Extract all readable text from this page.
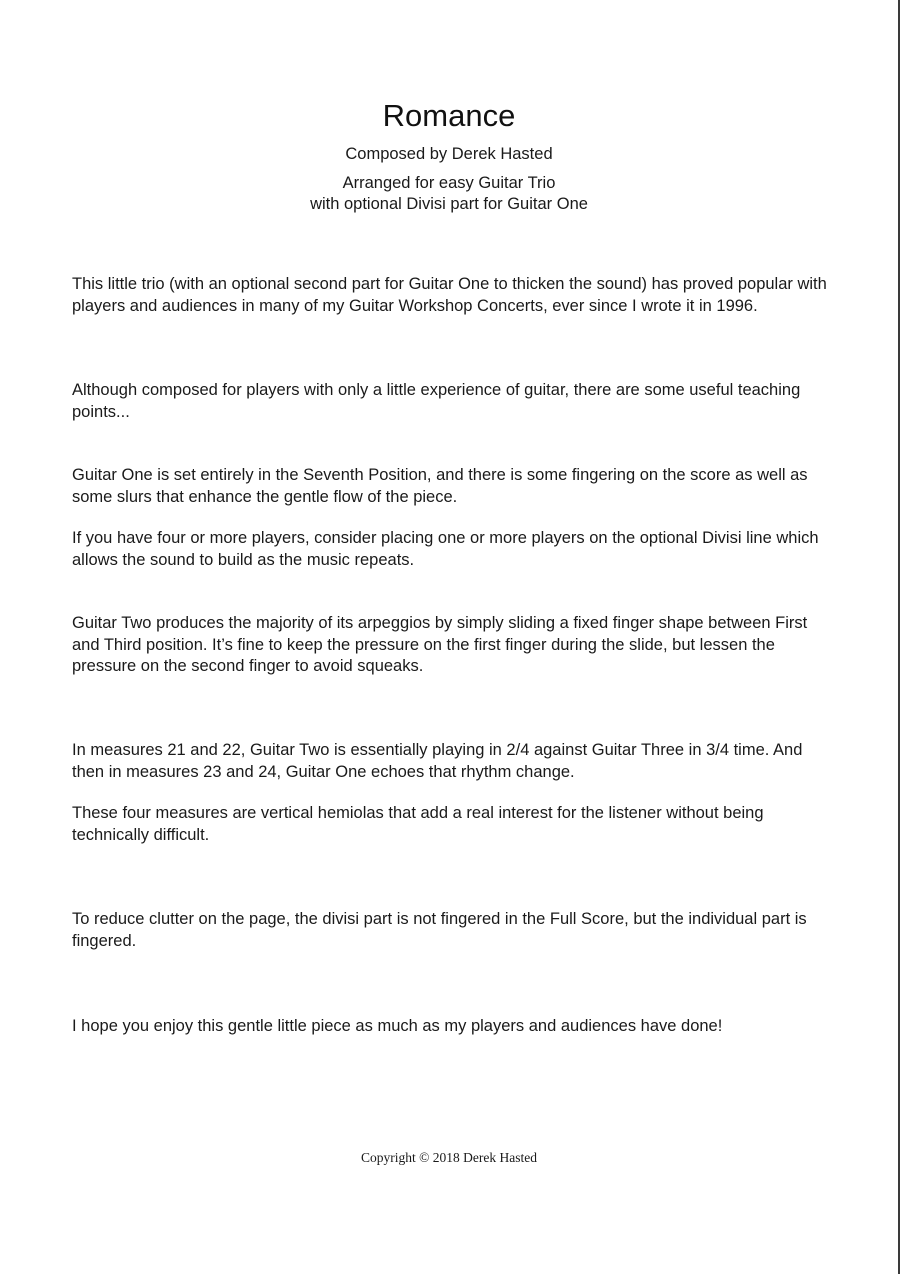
Romance
Composed by Derek Hasted
Arranged for easy Guitar Trio
with optional Divisi part for Guitar One
This little trio (with an optional second part for Guitar One to thicken the sound) has proved popular with players and audiences in many of my Guitar Workshop Concerts, ever since I wrote it in 1996.
Although composed for players with only a little experience of guitar, there are some useful teaching points...
Guitar One is set entirely in the Seventh Position, and there is some fingering on the score as well as some slurs that enhance the gentle flow of the piece.
If you have four or more players, consider placing one or more players on the optional Divisi line which allows the sound to build as the music repeats.
Guitar Two produces the majority of its arpeggios by simply sliding a fixed finger shape between First and Third position. It’s fine to keep the pressure on the first finger during the slide, but lessen the pressure on the second finger to avoid squeaks.
In measures 21 and 22, Guitar Two is essentially playing in 2/4 against Guitar Three in 3/4 time. And then in measures 23 and 24, Guitar One echoes that rhythm change.
These four measures are vertical hemiolas that add a real interest for the listener without being technically difficult.
To reduce clutter on the page, the divisi part is not fingered in the Full Score, but the individual part is fingered.
I hope you enjoy this gentle little piece as much as my players and audiences have done!
Copyright © 2018 Derek Hasted
